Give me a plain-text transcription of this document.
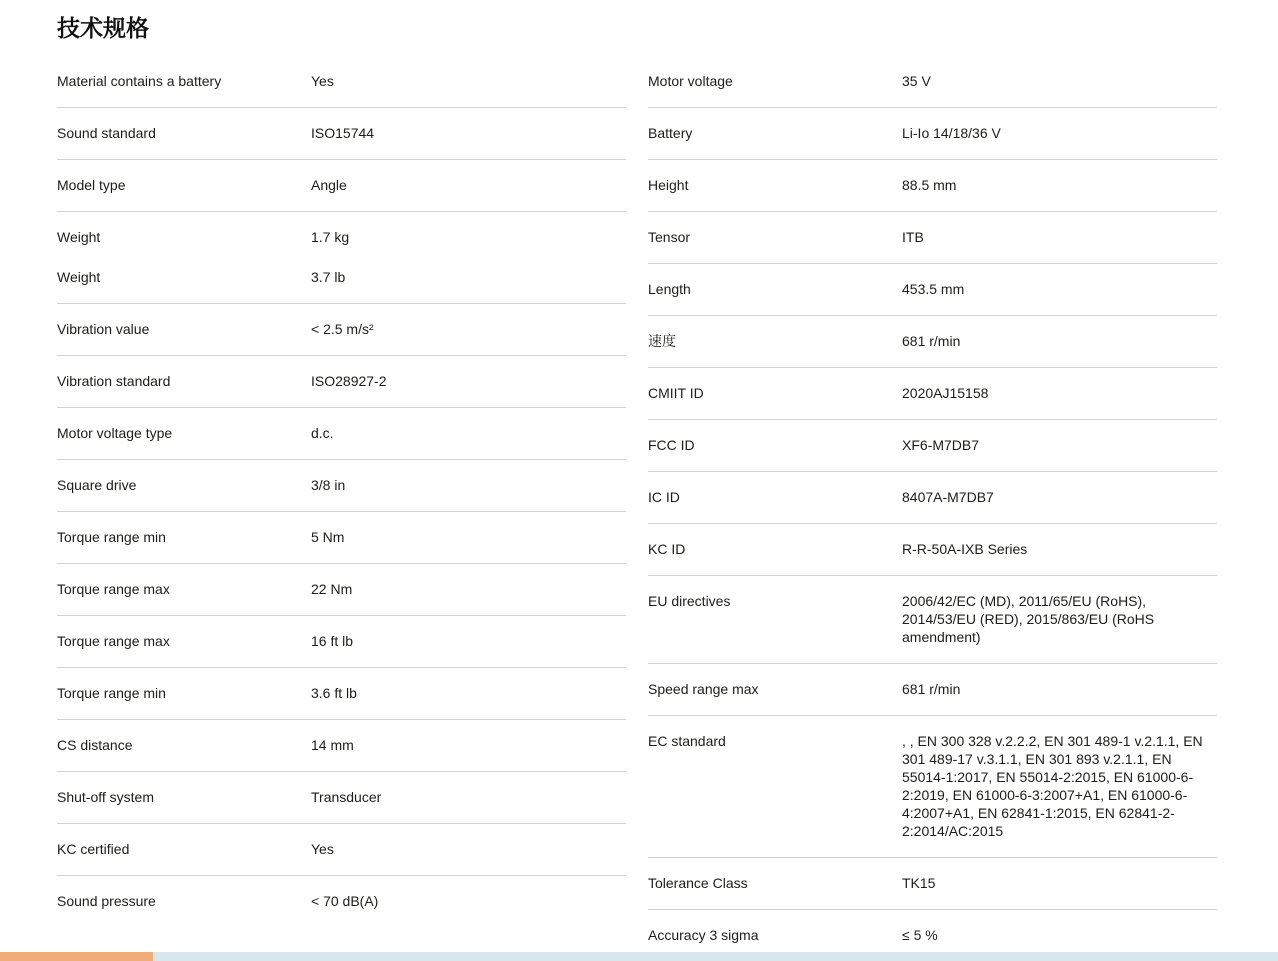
技术规格
Material contains a battery	Yes
Sound standard	ISO15744
Model type	Angle
Weight	1.7 kg
Weight	3.7 lb
Vibration value	< 2.5 m/s²
Vibration standard	ISO28927-2
Motor voltage type	d.c.
Square drive	3/8 in
Torque range min	5 Nm
Torque range max	22 Nm
Torque range max	16 ft lb
Torque range min	3.6 ft lb
CS distance	14 mm
Shut-off system	Transducer
KC certified	Yes
Sound pressure	< 70 dB(A)
Motor voltage	35 V
Battery	Li-Io 14/18/36 V
Height	88.5 mm
Tensor	ITB
Length	453.5 mm
速度	681 r/min
CMIIT ID	2020AJ15158
FCC ID	XF6-M7DB7
IC ID	8407A-M7DB7
KC ID	R-R-50A-IXB Series
EU directives	2006/42/EC (MD), 2011/65/EU (RoHS), 2014/53/EU (RED), 2015/863/EU (RoHS amendment)
Speed range max	681 r/min
EC standard	, , EN 300 328 v.2.2.2, EN 301 489-1 v.2.1.1, EN 301 489-17 v.3.1.1, EN 301 893 v.2.1.1, EN 55014-1:2017, EN 55014-2:2015, EN 61000-6-2:2019, EN 61000-6-3:2007+A1, EN 61000-6-4:2007+A1, EN 62841-1:2015, EN 62841-2-2:2014/AC:2015
Tolerance Class	TK15
Accuracy 3 sigma	≤ 5 %
